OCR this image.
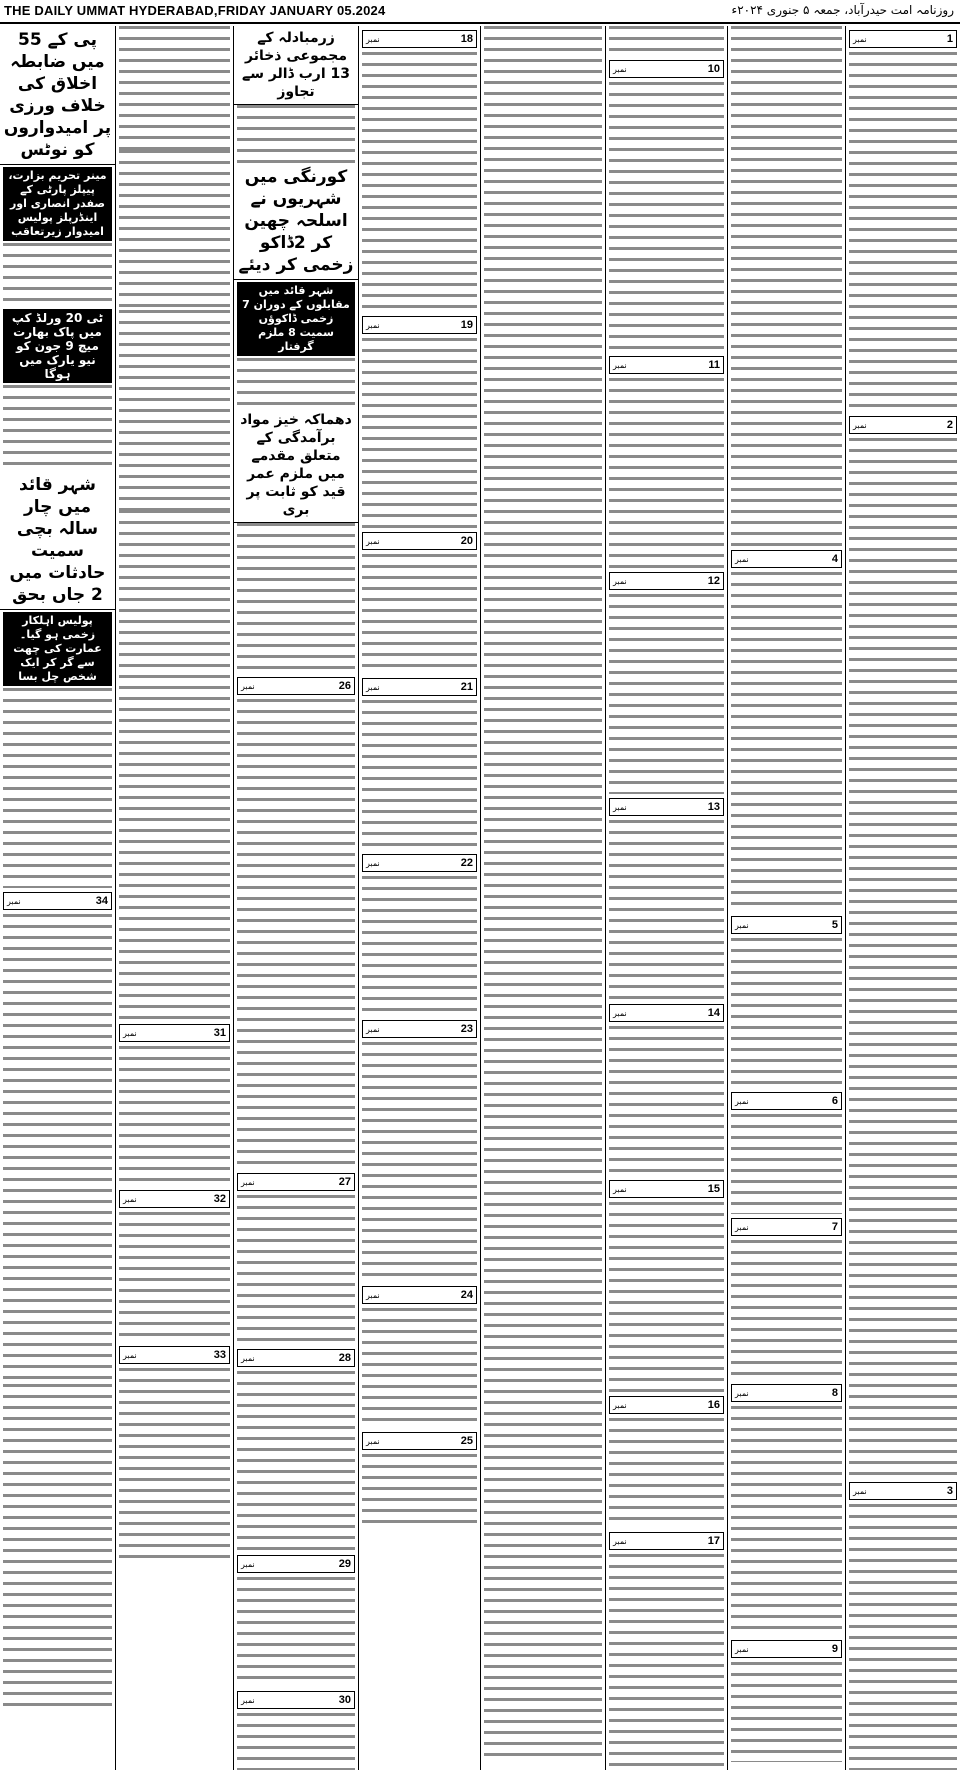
THE DAILY UMMAT HYDERABAD,FRIDAY JANUARY 05.2024	روزنامہ امت حیدرآباد، جمعہ ۵ جنوری ۲۰۲۴ء
پی کے 55 میں ضابطہ اخلاق کی خلاف ورزی پر امیدواروں کو نوٹس
مینر تحریم بزارت، پیپلز پارٹی کے صفدر انصاری اور اینڈرپلز پولیس امیدوار زیرتعاقب
ٹی 20 ورلڈ کپ میں پاک بھارت میچ 9 جون کو نیو یارک میں ہوگا
شہر قائد میں چار سالہ بچی سمیت حادثات میں 2 جاں بحق
پولیس اہلکار زخمی ہو گیا۔ عمارت کی چھت سے گر کر ایک شخص چل بسا
34
نمبر
31
نمبر
32
نمبر
33
نمبر
زرمبادلہ کے مجموعی ذخائر 13 ارب ڈالر سے تجاوز
کورنگی میں شہریوں نے اسلحہ چھین کر 2ڈاکو زخمی کر دیئے
شہر قائد میں مقابلوں کے دوران 7 زخمی ڈاکوؤں سمیت 8 ملزم گرفتار
دھماکہ خیز مواد برآمدگی کے متعلق مقدمے میں ملزم عمر قید کو ثابت پر بری
26
نمبر
27
نمبر
28
نمبر
29
نمبر
30
نمبر
18
نمبر
19
نمبر
20
نمبر
21
نمبر
22
نمبر
23
نمبر
24
نمبر
25
نمبر
10
نمبر
11
نمبر
12
نمبر
13
نمبر
14
نمبر
15
نمبر
16
نمبر
17
نمبر
4
نمبر
5
نمبر
6
نمبر
7
نمبر
8
نمبر
9
نمبر
1
نمبر
2
نمبر
3
نمبر
